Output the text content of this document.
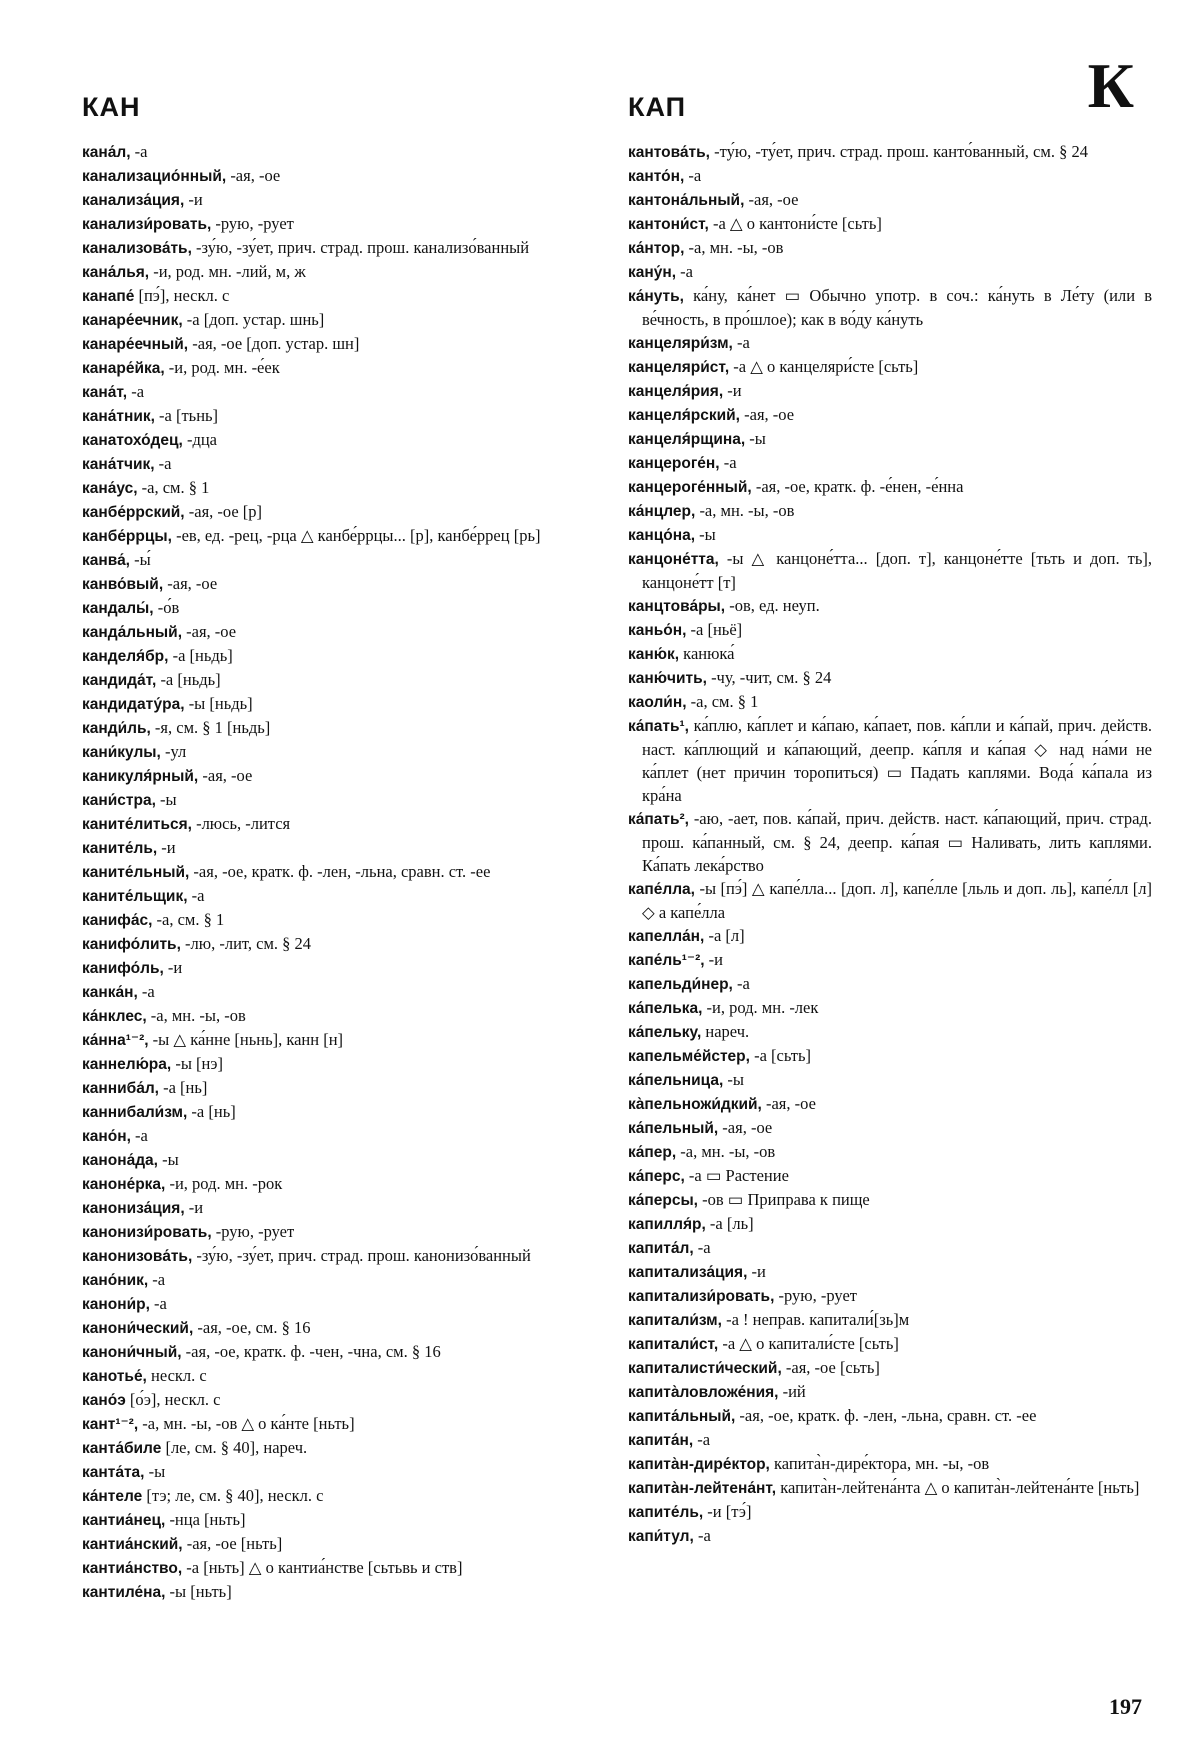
КАН	КАП	К

кана́л, -а

канализацио́нный, -ая, -ое

канализа́ция, -и

канализи́ровать, -рую, -рует

канализова́ть, -зу́ю, -зу́ет, прич. страд. прош. канализо́ванный

кана́лья, -и, род. мн. -лий, м, ж

канапе́ [пэ́], нескл. с

канаре́ечник, -а [доп. устар. шнь]

канаре́ечный, -ая, -ое [доп. устар. шн]

канаре́йка, -и, род. мн. -е́ек

кана́т, -а

кана́тник, -а [тьнь]

канатохо́дец, -дца

кана́тчик, -а

кана́ус, -а, см. § 1

канбе́ррский, -ая, -ое [р]

канбе́ррцы, -ев, ед. -рец, -рца △ канбе́ррцы... [р], канбе́ррец [рь]

канва́, -ы́

канво́вый, -ая, -ое

кандалы́, -о́в

канда́льный, -ая, -ое

канделя́бр, -а [ньдь]

кандида́т, -а [ньдь]

кандидату́ра, -ы [ньдь]

канди́ль, -я, см. § 1 [ньдь]

кани́кулы, -ул

каникуля́рный, -ая, -ое

кани́стра, -ы

каните́литься, -люсь, -лится

каните́ль, -и

каните́льный, -ая, -ое, кратк. ф. -лен, -льна, сравн. ст. -ее

каните́льщик, -а

канифа́с, -а, см. § 1

канифо́лить, -лю, -лит, см. § 24

канифо́ль, -и

канка́н, -а

ка́нклес, -а, мн. -ы, -ов

ка́нна¹⁻², -ы △ ка́нне [ньнь], канн [н]

каннелю́ра, -ы [нэ]

канниба́л, -а [нь]

каннибали́зм, -а [нь]

кано́н, -а

канона́да, -ы

каноне́рка, -и, род. мн. -рок

канониза́ция, -и

канонизи́ровать, -рую, -рует

канонизова́ть, -зу́ю, -зу́ет, прич. страд. прош. канонизо́ванный

кано́ник, -а

канони́р, -а

канони́ческий, -ая, -ое, см. § 16

канони́чный, -ая, -ое, кратк. ф. -чен, -чна, см. § 16

канотье́, нескл. с

кано́э [о́э], нескл. с

кант¹⁻², -а, мн. -ы, -ов △ о ка́нте [ньть]

канта́биле [ле, см. § 40], нареч.

канта́та, -ы

ка́нтеле [тэ; ле, см. § 40], нескл. с

кантиа́нец, -нца [ньть]

кантиа́нский, -ая, -ое [ньть]

кантиа́нство, -а [ньть] △ о кантиа́нстве [сьтьвь и ств]

кантиле́на, -ы [ньть]

кантова́ть, -ту́ю, -ту́ет, прич. страд. прош. канто́ванный, см. § 24

канто́н, -а

кантона́льный, -ая, -ое

кантони́ст, -а △ о кантони́сте [сьть]

ка́нтор, -а, мн. -ы, -ов

кану́н, -а

ка́нуть, ка́ну, ка́нет ▭ Обычно употр. в соч.: ка́нуть в Ле́ту (или в ве́чность, в про́шлое); как в во́ду ка́нуть

канцеляри́зм, -а

канцеляри́ст, -а △ о канцеляри́сте [сьть]

канцеля́рия, -и

канцеля́рский, -ая, -ое

канцеля́рщина, -ы

канцероге́н, -а

канцероге́нный, -ая, -ое, кратк. ф. -е́нен, -е́нна

ка́нцлер, -а, мн. -ы, -ов

канцо́на, -ы

канцоне́тта, -ы △ канцоне́тта... [доп. т], канцоне́тте [тьть и доп. ть], канцоне́тт [т]

канцтова́ры, -ов, ед. неуп.

каньо́н, -а [ньё]

каню́к, канюка́

каню́чить, -чу, -чит, см. § 24

каоли́н, -а, см. § 1

ка́пать¹, ка́плю, ка́плет и ка́паю, ка́пает, пов. ка́пли и ка́пай, прич. действ. наст. ка́плющий и ка́пающий, деепр. ка́пля и ка́пая ◇ над на́ми не ка́плет (нет причин торопиться) ▭ Падать каплями. Вода́ ка́пала из кра́на

ка́пать², -аю, -ает, пов. ка́пай, прич. действ. наст. ка́пающий, прич. страд. прош. ка́панный, см. § 24, деепр. ка́пая ▭ Наливать, лить каплями. Ка́пать лека́рство

капе́лла, -ы [пэ́] △ капе́лла... [доп. л], капе́лле [льль и доп. ль], капе́лл [л] ◇ а капе́лла

капелла́н, -а [л]

капе́ль¹⁻², -и

капельди́нер, -а

ка́пелька, -и, род. мн. -лек

ка́пельку, нареч.

капельме́йстер, -а [сьть]

ка́пельница, -ы

ка̀пельножи́дкий, -ая, -ое

ка́пельный, -ая, -ое

ка́пер, -а, мн. -ы, -ов

ка́перс, -а ▭ Растение

ка́персы, -ов ▭ Приправа к пище

капилля́р, -а [ль]

капита́л, -а

капитализа́ция, -и

капитализи́ровать, -рую, -рует

капитали́зм, -а ! неправ. капитали́[зь]м

капитали́ст, -а △ о капитали́сте [сьть]

капиталисти́ческий, -ая, -ое [сьть]

капита̀ловложе́ния, -ий

капита́льный, -ая, -ое, кратк. ф. -лен, -льна, сравн. ст. -ее

капита́н, -а

капита̀н-дире́ктор, капита̀н-дире́ктора, мн. -ы, -ов

капита̀н-лейтена́нт, капита̀н-лейтена́нта △ о капита̀н-лейтена́нте [ньть]

капите́ль, -и [тэ́]

капи́тул, -а

197
